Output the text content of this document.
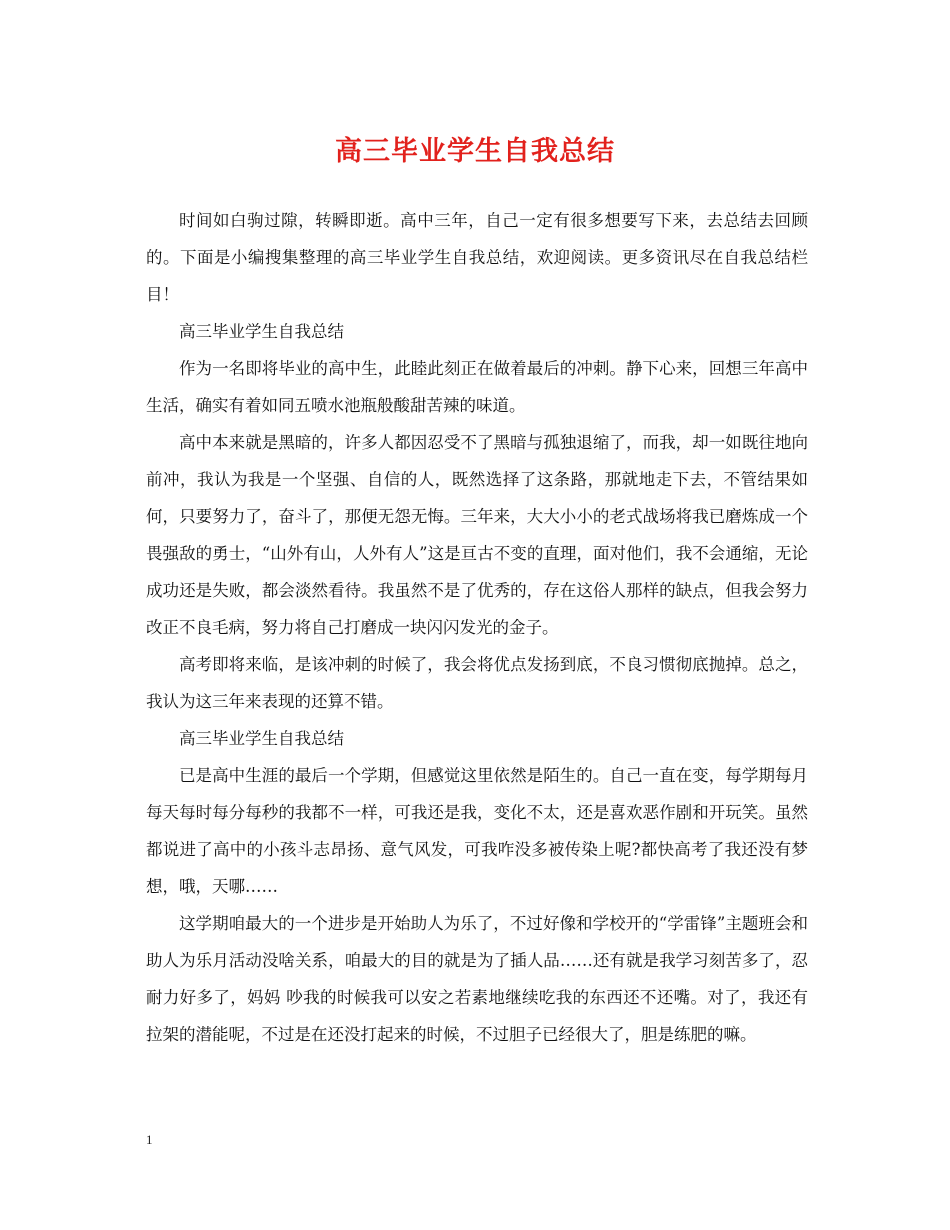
高三毕业学生自我总结

时间如白驹过隙，转瞬即逝。高中三年，自己一定有很多想要写下来，去总结去回顾的。下面是小编搜集整理的高三毕业学生自我总结，欢迎阅读。更多资讯尽在自我总结栏目！

高三毕业学生自我总结

作为一名即将毕业的高中生，此睦此刻正在做着最后的冲刺。静下心来，回想三年高中生活，确实有着如同五喷水池瓶般酸甜苦辣的味道。

高中本来就是黑暗的，许多人都因忍受不了黑暗与孤独退缩了，而我，却一如既往地向前冲，我认为我是一个坚强、自信的人，既然选择了这条路，那就地走下去，不管结果如何，只要努力了，奋斗了，那便无怨无悔。三年来，大大小小的老式战场将我已磨炼成一个畏强敌的勇士，“山外有山，人外有人”这是亘古不变的直理，面对他们，我不会通缩，无论成功还是失败，都会淡然看待。我虽然不是了优秀的，存在这俗人那样的缺点，但我会努力改正不良毛病，努力将自己打磨成一块闪闪发光的金子。

高考即将来临，是该冲刺的时候了，我会将优点发扬到底，不良习惯彻底抛掉。总之，我认为这三年来表现的还算不错。

高三毕业学生自我总结

已是高中生涯的最后一个学期，但感觉这里依然是陌生的。自己一直在变，每学期每月每天每时每分每秒的我都不一样，可我还是我，变化不太，还是喜欢恶作剧和开玩笑。虽然都说进了高中的小孩斗志昂扬、意气风发，可我咋没多被传染上呢?都快高考了我还没有梦想，哦，天哪……

这学期咱最大的一个进步是开始助人为乐了，不过好像和学校开的“学雷锋”主题班会和助人为乐月活动没啥关系，咱最大的目的就是为了插人品……还有就是我学习刻苦多了，忍耐力好多了，妈妈 吵我的时候我可以安之若素地继续吃我的东西还不还嘴。对了，我还有拉架的潜能呢，不过是在还没打起来的时候，不过胆子已经很大了，胆是练肥的嘛。

1
